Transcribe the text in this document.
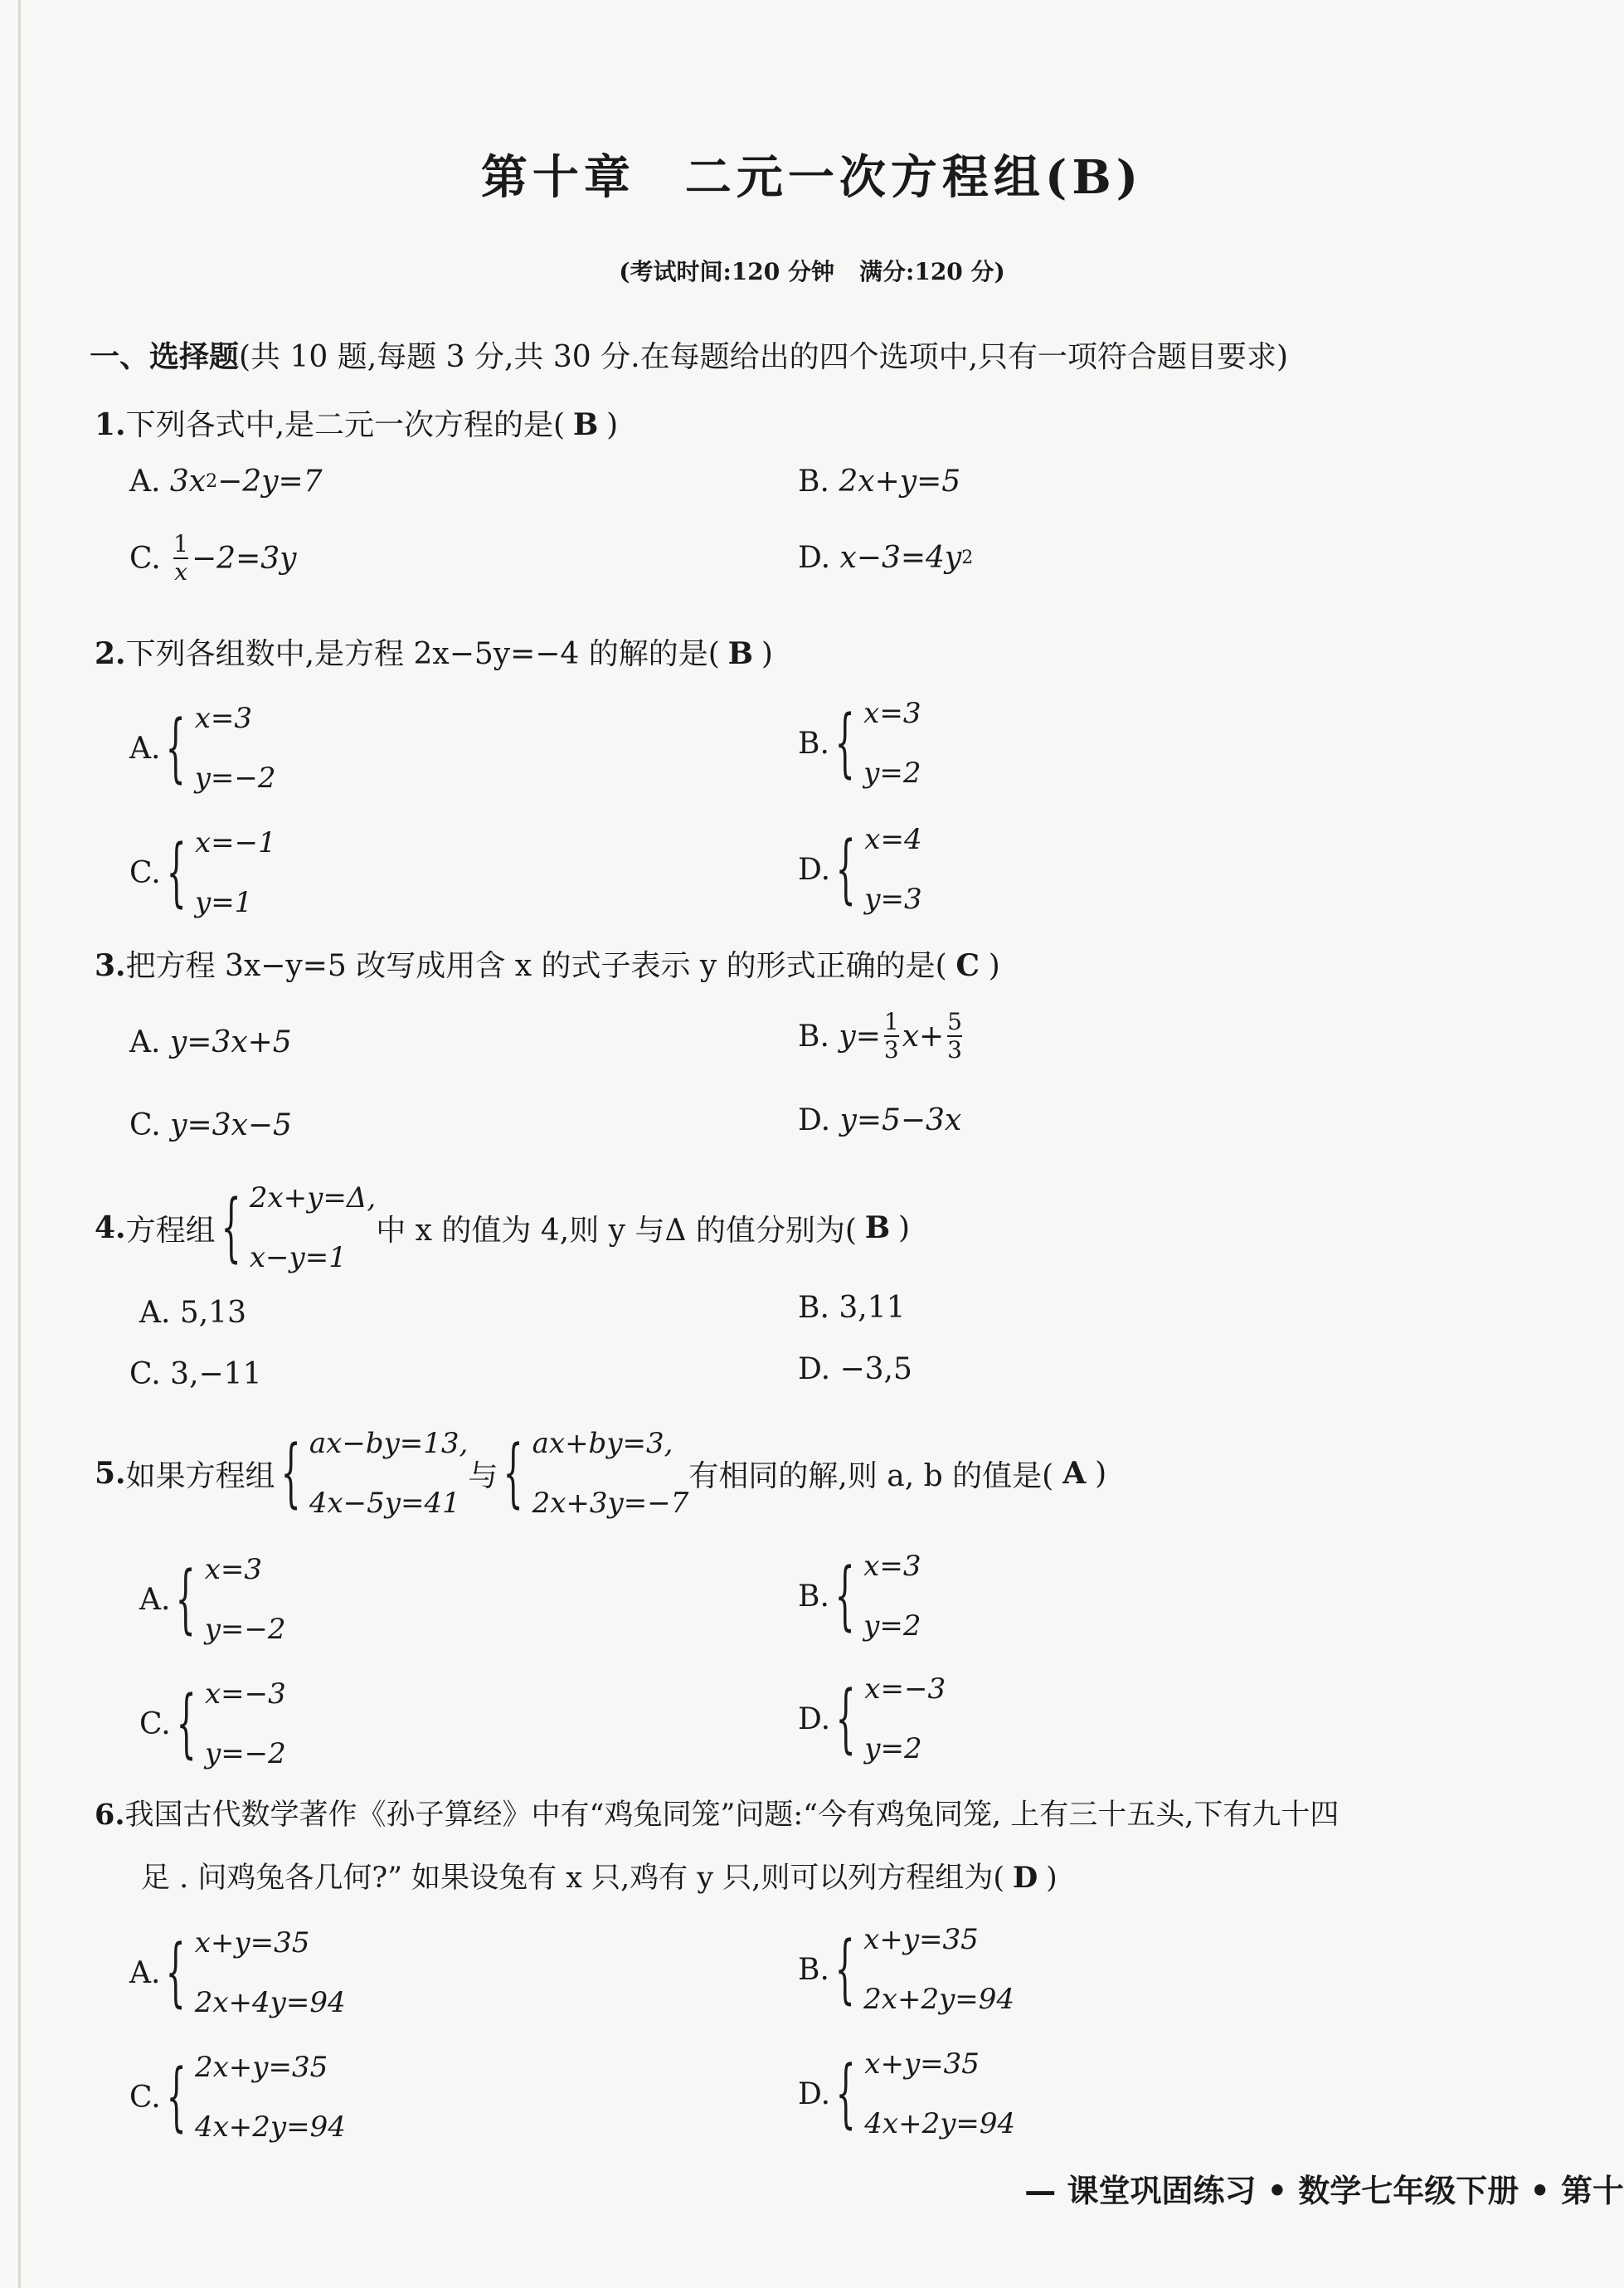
第十章 二元一次方程组(B)
(考试时间:120 分钟 满分:120 分)
一、选择题(共 10 题,每题 3 分,共 30 分.在每题给出的四个选项中,只有一项符合题目要求)
1.下列各式中,是二元一次方程的是( B )
A.
3x 2 −2y=7	B.
2x+y=5
C.
$\frac{1}{x} -2=3y$	D.
x−3=4y 2
2.下列各组数中,是方程 2x−5y=−4 的解的是( B )
A. { x=3
y=−2
B. { x=3
y=2
C. { x=−1
y=1
D. { x=4
y=3
3.把方程 3x−y=5 改写成用含 x 的式子表示 y 的形式正确的是( C )
A.
y=3x+5	B.
$y= \frac{1}{3} x+ \frac{5}{3}$
C.
y=3x−5	D.
y=5−3x
4. 方程组 { 2x+y=Δ,
x−y=1
中 x 的值为 4,则 y 与Δ 的值分别为( B )
A.
5,13	B.
3,11
C.
3,−11	D.
−3,5
5. 如果方程组 { ax−by=13,
4x−5y=41
与 { ax+by=3,
2x+3y=−7
有相同的解,则 a, b 的值是( A )
A. { x=3
y=−2
B. { x=3
y=2
C. { x=−3
y=−2
D. { x=−3
y=2
6.我国古代数学著作《孙子算经》中有“鸡兔同笼”问题:“今有鸡兔同笼, 上有三十五头,下有九十四
足 . 问鸡兔各几何?” 如果设兔有 x 只,鸡有 y 只,则可以列方程组为( D )
A. { x+y=35
2x+4y=94
B. { x+y=35
2x+2y=94
C. { 2x+y=35
4x+2y=94
D. { x+y=35
4x+2y=94
— 课堂巩固练习 • 数学七年级下册 • 第十
